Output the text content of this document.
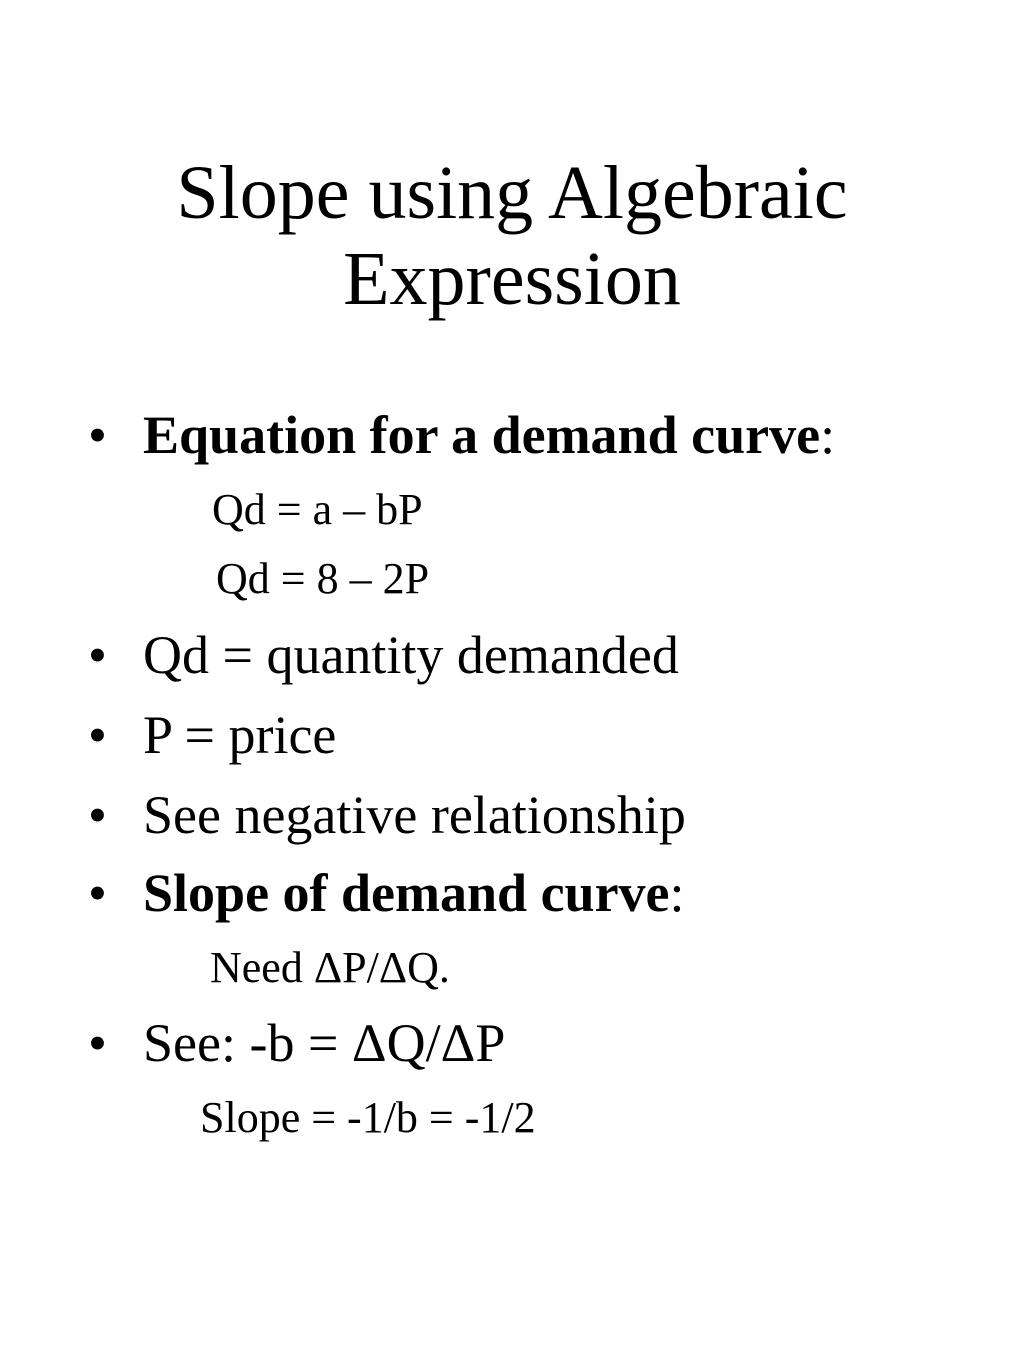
Slope using Algebraic
Expression
• Equation for a demand curve:
Qd = a – bP
Qd = 8 – 2P
• Qd = quantity demanded
• P = price
• See negative relationship
• Slope of demand curve:
Need ΔP/ΔQ.
• See: -b = ΔQ/ΔP
Slope = -1/b = -1/2
